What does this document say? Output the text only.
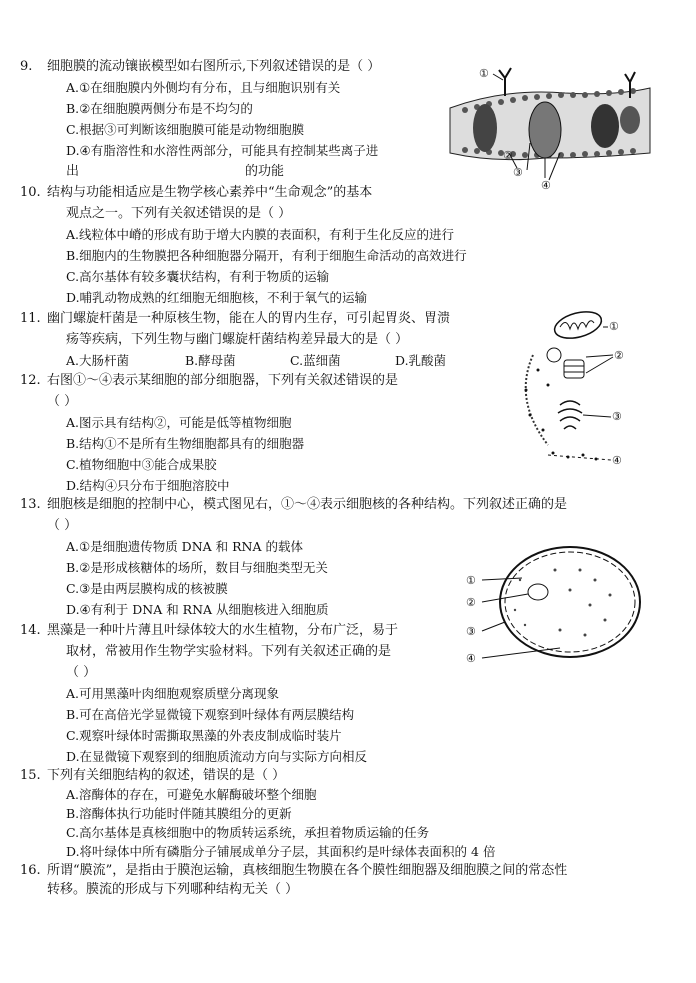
9. 细胞膜的流动镶嵌模型如右图所示,下列叙述错误的是（ ）
A.①在细胞膜内外侧均有分布，且与细胞识别有关
B.②在细胞膜两侧分布是不均匀的
C.根据③可判断该细胞膜可能是动物细胞膜
D.④有脂溶性和水溶性两部分，可能具有控制某些离子进
出	的功能
①
②
③
④
10. 结构与功能相适应是生物学核心素养中“生命观念”的基本
观点之一。下列有关叙述错误的是（ ）
A.线粒体中嵴的形成有助于增大内膜的表面积，有利于生化反应的进行
B.细胞内的生物膜把各种细胞器分隔开，有利于细胞生命活动的高效进行
C.高尔基体有较多囊状结构，有利于物质的运输
D.哺乳动物成熟的红细胞无细胞核，不利于氧气的运输
11. 幽门螺旋杆菌是一种原核生物，能在人的胃内生存，可引起胃炎、胃溃
疡等疾病，下列生物与幽门螺旋杆菌结构差异最大的是（ ）
A.大肠杆菌	B.酵母菌	C.蓝细菌	D.乳酸菌
①
②
③
④
12. 右图①～④表示某细胞的部分细胞器，下列有关叙述错误的是
（ ）
A.图示具有结构②，可能是低等植物细胞
B.结构①不是所有生物细胞都具有的细胞器
C.植物细胞中③能合成果胶
D.结构④只分布于细胞溶胶中
13. 细胞核是细胞的控制中心，模式图见右，①～④表示细胞核的各种结构。下列叙述正确的是
（ ）
A.①是细胞遗传物质 DNA 和 RNA 的载体
B.②是形成核糖体的场所，数目与细胞类型无关
C.③是由两层膜构成的核被膜
D.④有利于 DNA 和 RNA 从细胞核进入细胞质
①
②
③
④
14. 黑藻是一种叶片薄且叶绿体较大的水生植物，分布广泛，易于
取材，常被用作生物学实验材料。下列有关叙述正确的是
（ ）
A.可用黑藻叶肉细胞观察质壁分离现象
B.可在高倍光学显微镜下观察到叶绿体有两层膜结构
C.观察叶绿体时需撕取黑藻的外表皮制成临时装片
D.在显微镜下观察到的细胞质流动方向与实际方向相反
15. 下列有关细胞结构的叙述，错误的是（ ）
A.溶酶体的存在，可避免水解酶破坏整个细胞
B.溶酶体执行功能时伴随其膜组分的更新
C.高尔基体是真核细胞中的物质转运系统，承担着物质运输的任务
D.将叶绿体中所有磷脂分子铺展成单分子层，其面积约是叶绿体表面积的 4 倍
16. 所谓“膜流”，是指由于膜泡运输，真核细胞生物膜在各个膜性细胞器及细胞膜之间的常态性
转移。膜流的形成与下列哪种结构无关（ ）
